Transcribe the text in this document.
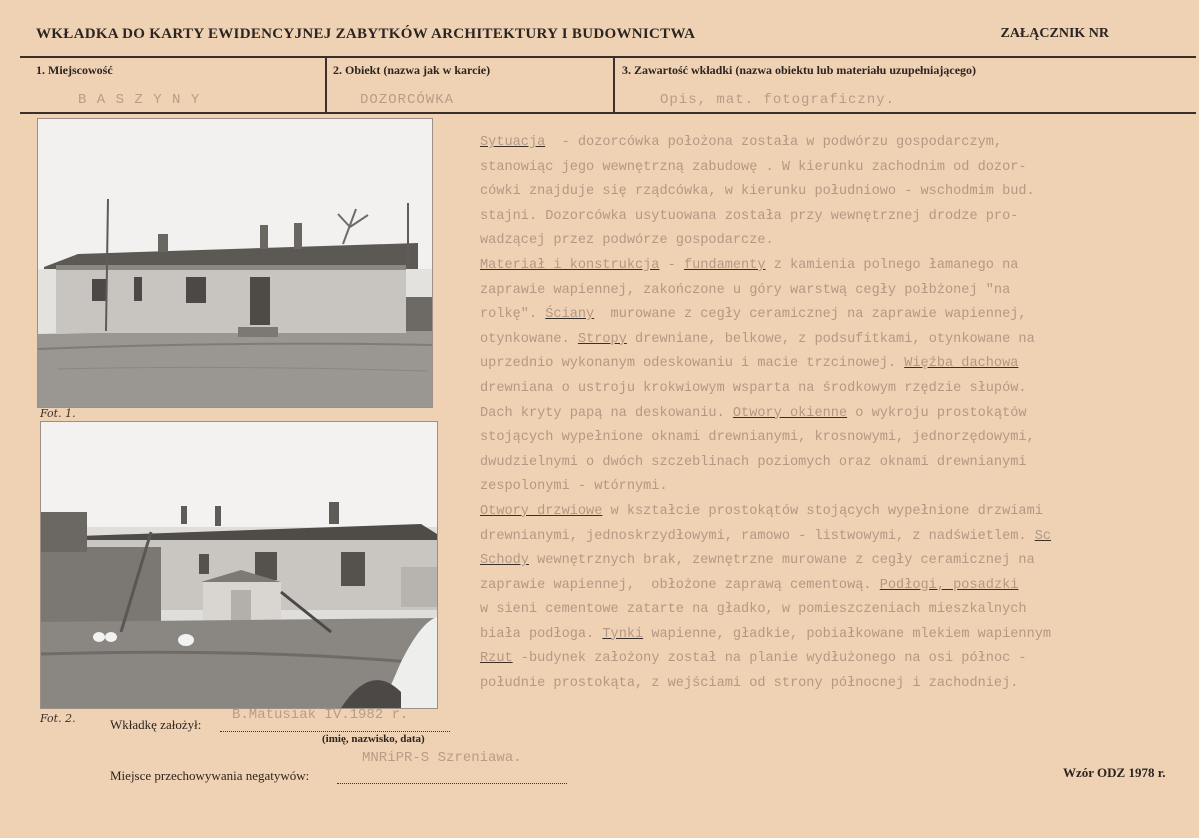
WKŁADKA DO KARTY EWIDENCYJNEJ ZABYTKÓW ARCHITEKTURY I BUDOWNICTWA	ZAŁĄCZNIK NR
1. Miejscowość
B A S Z Y N Y
2. Obiekt (nazwa jak w karcie)
DOZORCÓWKA
3. Zawartość wkładki (nazwa obiektu lub materiału uzupełniającego)
Opis, mat. fotograficzny.
Fot. 1.
Fot. 2.
Sytuacja  - dozorcówka położona została w podwórzu gospodarczym,
stanowiąc jego wewnętrzną zabudowę . W kierunku zachodnim od dozor-
cówki znajduje się rządcówka, w kierunku południowo - wschodmim bud.
stajni. Dozorcówka usytuowana została przy wewnętrznej drodze pro-
wadzącej przez podwórze gospodarcze.
Materiał i konstrukcja - fundamenty z kamienia polnego łamanego na
zaprawie wapiennej, zakończone u góry warstwą cegły połbżonej "na
rolkę". Ściany  murowane z cegły ceramicznej na zaprawie wapiennej,
otynkowane. Stropy drewniane, belkowe, z podsufitkami, otynkowane na
uprzednio wykonanym odeskowaniu i macie trzcinowej. Więźba dachowa
drewniana o ustroju krokwiowym wsparta na środkowym rzędzie słupów.
Dach kryty papą na deskowaniu. Otwory okienne o wykroju prostokątów
stojących wypełnione oknami drewnianymi, krosnowymi, jednorzędowymi,
dwudzielnymi o dwóch szczeblinach poziomych oraz oknami drewnianymi
zespolonymi - wtórnymi.
Otwory drzwiowe w kształcie prostokątów stojących wypełnione drzwiami
drewnianymi, jednoskrzydłowymi, ramowo - listwowymi, z nadświetlem. Sc
Schody wewnętrznych brak, zewnętrzne murowane z cegły ceramicznej na
zaprawie wapiennej,  obłożone zaprawą cementową. Podłogi, posadzki
w sieni cementowe zatarte na gładko, w pomieszczeniach mieszkalnych
biała podłoga. Tynki wapienne, gładkie, pobiałkowane mlekiem wapiennym
Rzut -budynek założony został na planie wydłużonego na osi północ -
południe prostokąta, z wejściami od strony północnej i zachodniej.
Wkładkę założył:
B.Matusiak IV.1982 r.
(imię, nazwisko, data)
Miejsce przechowywania negatywów:
MNRiPR-S Szreniawa.
Wzór ODZ 1978 r.
